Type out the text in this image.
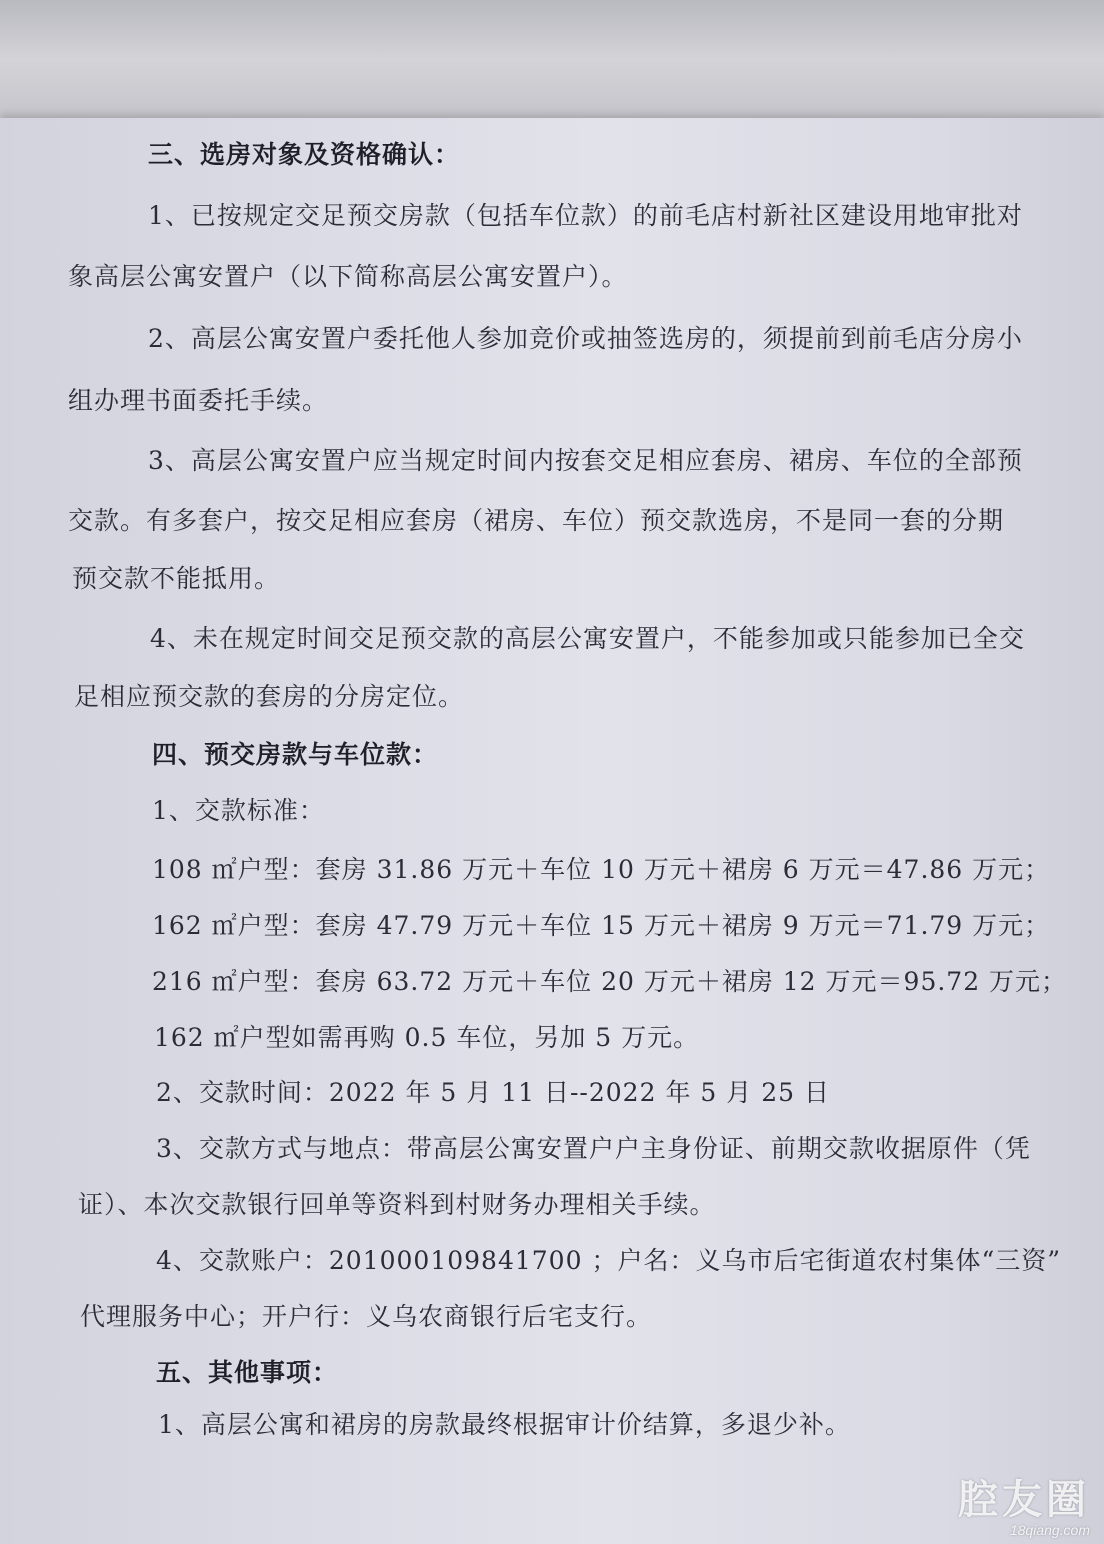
三、选房对象及资格确认：
1、已按规定交足预交房款（包括车位款）的前毛店村新社区建设用地审批对
象高层公寓安置户（以下简称高层公寓安置户）。
2、高层公寓安置户委托他人参加竞价或抽签选房的，须提前到前毛店分房小
组办理书面委托手续。
3、高层公寓安置户应当规定时间内按套交足相应套房、裙房、车位的全部预
交款。有多套户，按交足相应套房（裙房、车位）预交款选房，不是同一套的分期
预交款不能抵用。
4、未在规定时间交足预交款的高层公寓安置户，不能参加或只能参加已全交
足相应预交款的套房的分房定位。
四、预交房款与车位款：
1、交款标准：
108 ㎡户型：套房 31.86 万元＋车位 10 万元＋裙房 6 万元＝47.86 万元；
162 ㎡户型：套房 47.79 万元＋车位 15 万元＋裙房 9 万元＝71.79 万元；
216 ㎡户型：套房 63.72 万元＋车位 20 万元＋裙房 12 万元＝95.72 万元；
162 ㎡户型如需再购 0.5 车位，另加 5 万元。
2、交款时间：2022 年 5 月 11 日--2022 年 5 月 25 日
3、交款方式与地点：带高层公寓安置户户主身份证、前期交款收据原件（凭
证）、本次交款银行回单等资料到村财务办理相关手续。
4、交款账户：201000109841700 ；户名：义乌市后宅街道农村集体“三资”
代理服务中心；开户行：义乌农商银行后宅支行。
五、其他事项：
1、高层公寓和裙房的房款最终根据审计价结算，多退少补。
腔友圈
18qiang.com
